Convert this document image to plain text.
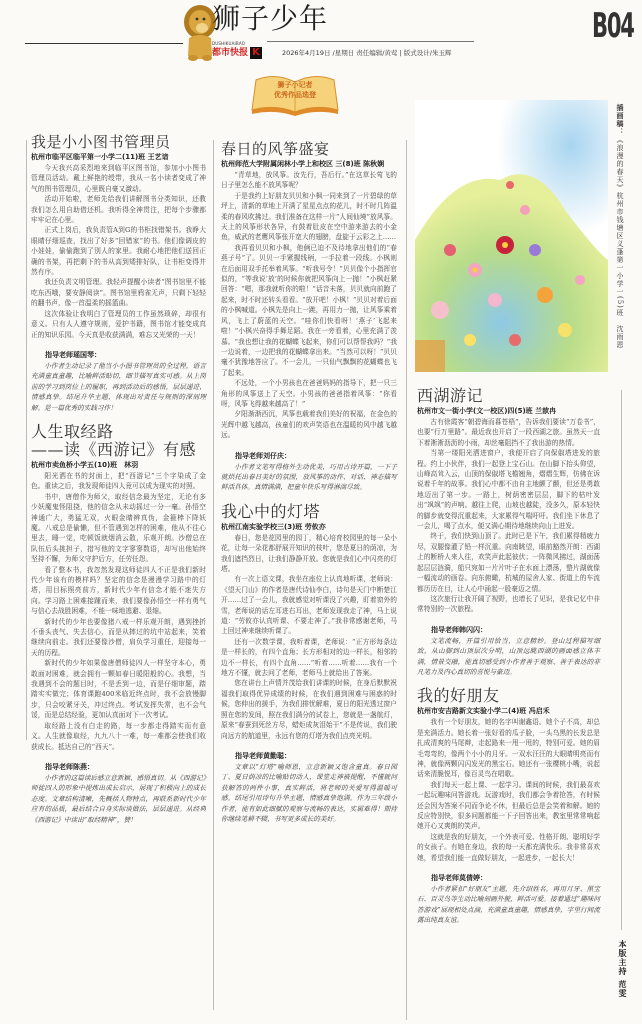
狮子少年
DUSHIKUAIBAO
都市快报 K	2026年4月19日 /星期日 责任编辑/黄莺 | 版式设计/朱玉辉
B04
狮子小记者
优秀作品选登
我是小小图书管理员
杭州市临平区临平第一小学二(11)班 王艺谙

今天我兴高采烈地来到临平区图书馆，参加小小图书管理员活动。戴上鲜艳的绶带，我从一名小读者变成了神气的图书管理员，心里既自豪又激动。

活动开始啦，老师先给我们讲解图书分类知识，还教我们怎么用自助借还机。我听得全神贯注，把每个步骤都牢牢记在心里。

正式上岗后，我负责管A到G的书柜找错架书。我睁大眼睛仔细巡查，找出了好多“回错家”的书。他们像调皮的小娃娃，偷偷跑到了别人的家里。我耐心地把他们送回正确的书架，再把剩下的书从高到矮排好队，让书柜变得井然有序。

我还负责文明管理。我轻声提醒小读者“图书馆里不能吃东西哦，要安静阅读”。图书馆里鸦雀无声，只剩下轻轻的翻书声，像一首温柔的摇篮曲。

这次体验让我明白了管理员的工作虽然琐碎，却很有意义。只有人人遵守规则，爱护书籍，图书馆才能变成真正的知识乐园。今天真是收获满满，难忘又光荣的一天！

指导老师瑶国琴：

小作者生动记录了他当小小图书管理员的全过程，语言充满童真童趣，比喻鲜活贴切，细节描写真实可感。从上岗前的学习到岗位上的履职，再到活动后的感悟，层层递进，情感真挚。结尾升华主题，体现出对责任与规则的深刻理解。是一篇优秀的实践习作！

人生取经路
——读《西游记》有感
杭州市卖鱼桥小学五(10)班　林羽

阳光洒在书的封面上，把“西游记”三个字染成了金色。重读之后，我发现师徒四人竟可以成为现实的对照。

书中，唐僧作为师父，取经信念最为坚定，无论有多少妖魔鬼怪阻挠，他的信念从未动摇过一分一毫。孙悟空神通广大，勇猛无双，火眼金睛辨真伪，金箍棒下降妖魔。八戒总是偷懒，但不管遇到怎样的困难，他从不往心里去，睡一觉，吃顿饭就烟消云散，乐观开朗。沙僧总在队伍后头挑担子，措写他的文字寥寥数语，却写出他始终坚持不懈，为师父守护后方，任劳任怨。

看了整本书，我忽然发现这师徒四人不正是我们新时代少年该有的模样吗？坚定的信念是漫漫学习路中的灯塔，用目标照亮前方，新时代少年有信念才能不迷失方向。学习路上困难接踵而来，我们要像孙悟空一样有勇气与信心去战胜困难，不能一味地逃避、退缩。

新时代的少年也要像猪八戒一样乐观开朗，遇到挫折不垂头丧气、失去信心，而是从摔过的坑中站起来，笑着继续向前走。我们还要像沙僧，肩负学习重任，迎接每一天的历程。

新时代的少年如果像唐僧师徒四人一样坚守本心，勇敢面对困难，就会拥有一颗如春日暖阳般的心。我想，当我遇到不会的题目时，不是丢到一边，而是仔细审题，踏踏实实做完；体育课跑400米临近终点时，我不会放慢脚步，只会咬紧牙关，冲过终点。考试发挥失常，也不会气馁，而是总结经验，更加认真面对下一次考试。

取经路上没有白走的路，每一步都走得踏实而有意义。人生就像取经，九九八十一难，每一难都会使我们收获成长。抵达自己的“西天”。

指导老师陈燕：

小作者的这篇读后感立意新颖、感悟真切。从《西游记》师徒四人的形象中提炼出成长启示，展现了积极向上的成长态度。文章结构清晰，先概括人物特点，再联系新时代少年应有的品质，最后结合自身实际谈做法，层层递进。从经典《西游记》中读出“取经精神”，赞！

春日的风筝盛宴
杭州师范大学附属闲林小学上和校区 三(8)班 陈秋娴

“青草地，放风筝。汝先行，吾后行。”在这草长莺飞的日子里怎么能不放风筝呢？

于是我约上好朋友贝贝和小枫一同来到了一片碧绿的草坪上，清新的草地上开满了星星点点的花儿，时不时几阵温柔的春风吹拂过。我们准备在这样一片“人间仙境”放风筝。天上的风筝形状各异，有鼓着肚皮在空中游来游去的小金鱼，威武的老鹰风筝张开宽大的翅膀，盘旋于云彩之上……

我再看贝贝和小枫，他俩已迫不及待地拿出他们的“春燕子号”了。贝贝一手紧握线柄，一手拉着一段线。小枫则在后面用双手托举着风筝。“听我号令！”贝贝像个小指挥官似的，“等我说‘放’的时候你就把风筝向上一抛！”小枫赶紧回答：“嗯，那我就听你的啦！”话音未落，贝贝就向前跑了起来，时不时还转头看看。“放开吧！小枫！”贝贝对着后面的小枫喊道。小枫先是向上一跳，再用力一抛，让风筝乘着风，飞上了蔚蓝的天空。“哇你们快看呀！‘燕子’飞起来啦！”小枫兴奋得手舞足蹈。我在一旁看着，心里充满了羡慕。“我也想让我的花蝴蝶飞起来，你们可以帮帮我吗？”我一边说着，一边把我的花蝴蝶拿出来。“当然可以呀！”贝贝毫不犹豫地答应了。不一会儿，一只仙气飘飘的花蝴蝶也飞了起来。

不远处，一个小男孩也在爸爸妈妈的指导下，把一只三角形的风筝送上了天空。小男孩的爸爸指着风筝：“你看呀，风筝飞得越来越高了！”

夕阳渐渐西沉，风筝也载着我们美好的祝福，在金色的光辉中越飞越高，孩童们的欢声笑语也在温暖的风中越飞越远。

指导老师刘仔庆：

小作者文笔写得格外生动优美，巧用古诗开篇，一下子就烘托出春日美好的氛围，放风筝的动作、对话、神态描写鲜活具体。真情满满，把童年快乐写得淋漓尽致。

我心中的灯塔
杭州江南实验学校三(3)班 劳攸亦

春日，您是花园里的园丁，精心培育校园里的每一朵小花，让每一朵花都舒展开知识的枝叶，您是夏日的荫凉，为我们遮挡烈日，让我们静静开放。您就是我们心中闪亮的灯塔。

有一次上语文课，我坐在座位上认真地听课，老师说：《望天门山》的作者是唐代诗仙李白，诗句是天门中断楚江开……过了一会儿，我就感觉对听课没了兴趣，盯着窗外的雪，老师说的话左耳进右耳出，老师发现我走了神，马上说道：“劳攸亦认真听课、不要走神了。”我非常感谢老师，马上回过神来继续听课了。

还有一次数学课，我听着课，老师说：“正方形每条边是一样长的，有四个直角；长方形相对的边一样长，相邻的边不一样长，有四个直角……”听着……听着……我有一个地方不懂，就去问了老师，老师马上就给出了答案。

您在讲台上声情并茂给我们讲课的时候，在身后默默祝福我们取得优异成绩的时候，在我们遇到困难与困惑的时候，您伸出的援手，为我们排忧解难，夏日的阳光透过窗户照在您的发间，照在我们满分的试卷上，您就是一盏航灯，原来“春蚕到死丝方尽，蜡炬成灰泪始干”不是传说，我们驶向远方的航道里，永远有您的灯塔为我们点亮光明。

指导老师黄勤聪：

文章以“灯塔”喻师恩，立意新颖又饱含童真。春日园丁、夏日荫凉的比喻贴切动人，课堂走神被提醒、不懂就问获解答的两件小事，真实鲜活，将老师的关爱写得温暖可感。结尾引用诗句升华主题，情感真挚饱满。作为三年级小作者，能有如此细腻的观察与流畅的表达，实属难得！期待你继续笔耕不辍，书写更多成长的美好。

插画稿：《浪漫的春天》杭州市钱塘区义蓬第一小学一(5)班　沈雨恩
西湖游记
杭州市文一街小学(文一校区)四(5)班 兰歆冉

古有徐霞客“朝碧海而暮苍梧”，告诉我们要读“万卷书”，也要“行万里路”。最近我也开启了一段西湖之旅。虽然天一直下着淅淅沥沥的小雨，却丝毫阻挡不了我出游的热情。

当第一缕阳光洒进窗户，我便开启了向保俶塔进发的旅程。约上小伙伴，我们一起登上宝石山。在山脚下抬头仰望，山峰高耸入云，山顶的保俶塔飞檐翘角，熠熠生辉，仿佛在诉说着千年的故事。我们心中都不由自主地颤了颤，但还是勇敢地迈出了第一步。一路上，树荫密密层层，脚下的枯叶发出“飒飒”的声响。越往上爬，山坡也越陡，没多久，原本轻快的脚步就变得沉重起来，大家累得气喘吁吁。我们坐下休息了一会儿，喝了点水，便又满心期待地继续向山上进发。

终于，我们快到山顶了。此时已是下午，我们累得精疲力尽，双腿像灌了铅一样沉重。向南眺望，眼前豁然开朗：西湖上的断桥人来人往，欢笑声此起彼伏；一阵微风拂过，湖面荡起层层涟漪，船只宛如一片片叶子在水面上漂荡，整片湖就像一幅流动的画卷。向东俯瞰，杭城的屋舍人家、街道上的车流都历历在目，让人心中涌起一股豪迈之情。

这次旅行让我开阔了视野，也增长了见识，是我记忆中非常特别的一次旅程。

指导老师韩闪闪：

文笔流畅，开篇引用恰当，立意精妙。登山过程描写细致，从山脚到山顶层次分明，山顶远眺西湖的画面感立体丰满，情景交融，能真切感受到小作者善于观察、善于表达的非凡笔力及内心真切的喜悦与豪迈。

我的好朋友
杭州市安吉路新文实验小学二(4)班 冯启禾

我有一个好朋友，她的名字叫谢鑫语。她个子不高，却总是充满活力。她长着一张好看的瓜子脸，一头乌黑的长发总是扎成清爽的马尾辫，走起路来一甩一甩的，特别可爱。她的眉毛弯弯的，像两个小小的月牙。一双水汪汪的大眼睛明亮而有神，就像两颗闪闪发光的黑宝石。她还有一张樱桃小嘴，说起话来清脆悦耳，像百灵鸟在唱歌。

我们每天一起上课、一起学习。课间的时候，我们最喜欢一起玩趣味问答游戏。玩游戏时，我们都会争着抢答，有时候还会因为答案不同而争论不休，但最后总是会笑着和解。她的反应特别快，很多问题都能一下子回答出来，教室里常常响起她开心又爽朗的笑声。

这就是我的好朋友，一个外表可爱、性格开朗、聪明好学的女孩子。有她在身边，我的每一天都充满快乐。我非常喜欢她，希望我们能一直做好朋友，一起进步，一起长大！

指导老师莫倩婷：

小作者紧扣“好朋友”主题，先介绍姓名，再用月牙、黑宝石、百灵鸟等生动比喻刻画外貌，鲜活可爱。接着通过“趣味问答游戏”展现相处点滴，充满童真童趣，情感真挚，字里行间流露出纯真友谊。

本版主持 范雯
